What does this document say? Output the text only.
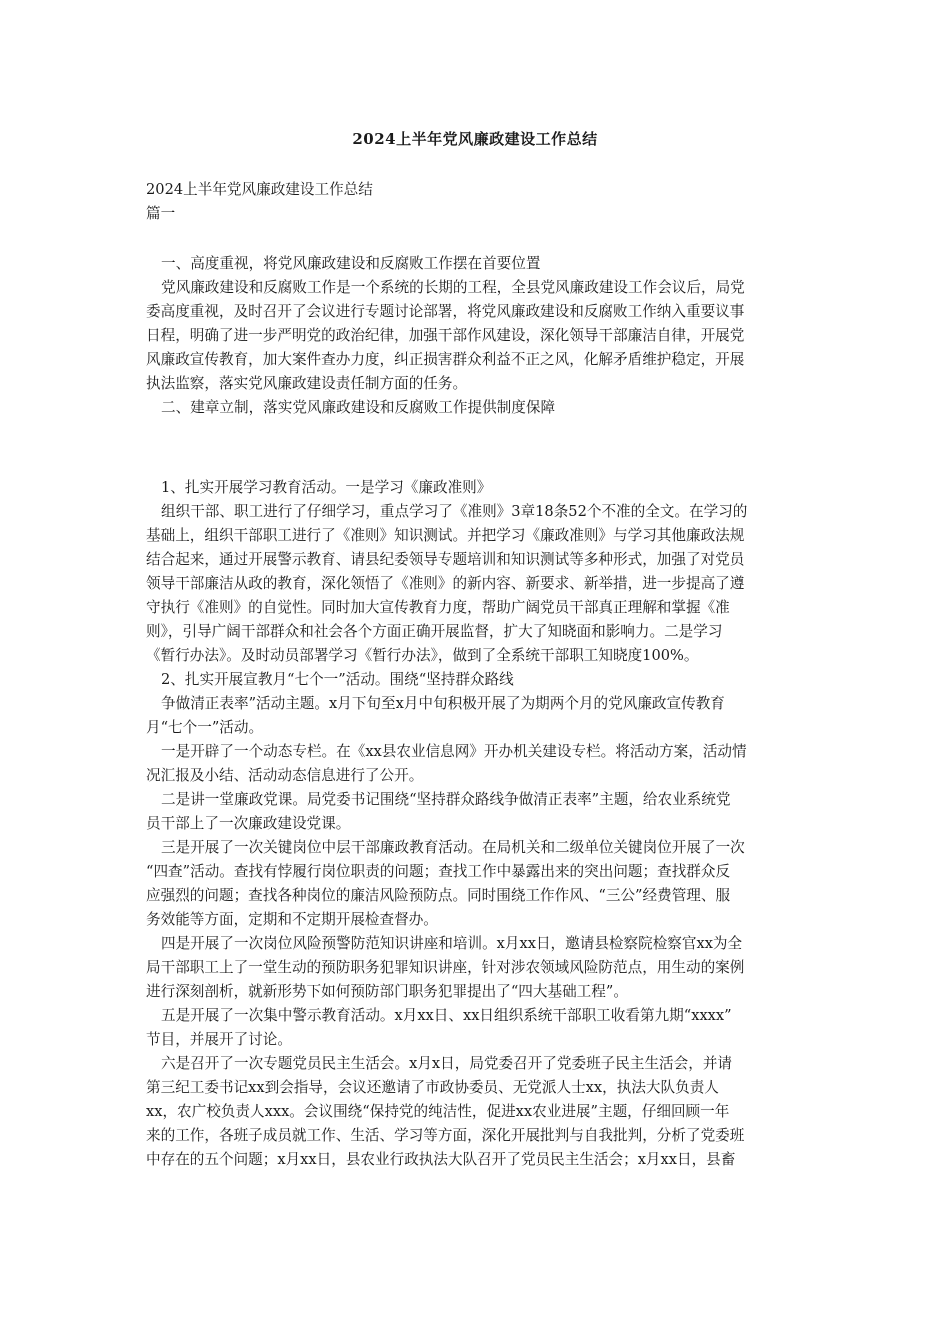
2024上半年党风廉政建设工作总结
2024上半年党风廉政建设工作总结
篇一
一、高度重视，将党风廉政建设和反腐败工作摆在首要位置
党风廉政建设和反腐败工作是一个系统的长期的工程，全县党风廉政建设工作会议后，局党
委高度重视，及时召开了会议进行专题讨论部署，将党风廉政建设和反腐败工作纳入重要议事
日程，明确了进一步严明党的政治纪律，加强干部作风建设，深化领导干部廉洁自律，开展党
风廉政宣传教育，加大案件查办力度，纠正损害群众利益不正之风，化解矛盾维护稳定，开展
执法监察，落实党风廉政建设责任制方面的任务。
二、建章立制，落实党风廉政建设和反腐败工作提供制度保障
1、扎实开展学习教育活动。一是学习《廉政准则》
组织干部、职工进行了仔细学习，重点学习了《准则》3章18条52个不准的全文。在学习的
基础上，组织干部职工进行了《准则》知识测试。并把学习《廉政准则》与学习其他廉政法规
结合起来，通过开展警示教育、请县纪委领导专题培训和知识测试等多种形式，加强了对党员
领导干部廉洁从政的教育，深化领悟了《准则》的新内容、新要求、新举措，进一步提高了遵
守执行《准则》的自觉性。同时加大宣传教育力度，帮助广阔党员干部真正理解和掌握《准
则》，引导广阔干部群众和社会各个方面正确开展监督，扩大了知晓面和影响力。二是学习
《暂行办法》。及时动员部署学习《暂行办法》，做到了全系统干部职工知晓度100%。
2、扎实开展宣教月“七个一”活动。围绕“坚持群众路线
争做清正表率”活动主题。x月下旬至x月中旬积极开展了为期两个月的党风廉政宣传教育
月“七个一”活动。
一是开辟了一个动态专栏。在《xx县农业信息网》开办机关建设专栏。将活动方案，活动情
况汇报及小结、活动动态信息进行了公开。
二是讲一堂廉政党课。局党委书记围绕“坚持群众路线争做清正表率”主题，给农业系统党
员干部上了一次廉政建设党课。
三是开展了一次关键岗位中层干部廉政教育活动。在局机关和二级单位关键岗位开展了一次
“四查”活动。查找有悖履行岗位职责的问题；查找工作中暴露出来的突出问题；查找群众反
应强烈的问题；查找各种岗位的廉洁风险预防点。同时围绕工作作风、“三公”经费管理、服
务效能等方面，定期和不定期开展检查督办。
四是开展了一次岗位风险预警防范知识讲座和培训。x月xx日，邀请县检察院检察官xx为全
局干部职工上了一堂生动的预防职务犯罪知识讲座，针对涉农领域风险防范点，用生动的案例
进行深刻剖析，就新形势下如何预防部门职务犯罪提出了“四大基础工程”。
五是开展了一次集中警示教育活动。x月xx日、xx日组织系统干部职工收看第九期“xxxx”
节目，并展开了讨论。
六是召开了一次专题党员民主生活会。x月x日，局党委召开了党委班子民主生活会，并请
第三纪工委书记xx到会指导，会议还邀请了市政协委员、无党派人士xx，执法大队负责人
xx，农广校负责人xxx。会议围绕“保持党的纯洁性，促进xx农业进展”主题，仔细回顾一年
来的工作，各班子成员就工作、生活、学习等方面，深化开展批判与自我批判，分析了党委班
中存在的五个问题；x月xx日，县农业行政执法大队召开了党员民主生活会；x月xx日，县畜
